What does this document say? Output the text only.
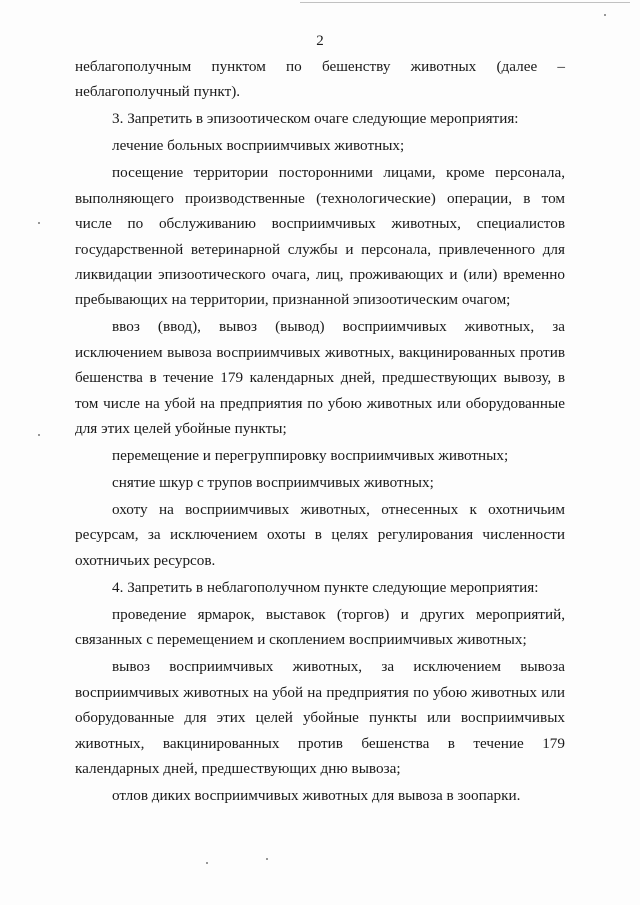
2

неблагополучным пунктом по бешенству животных (далее – неблагополучный пункт).

3. Запретить в эпизоотическом очаге следующие мероприятия:

лечение больных восприимчивых животных;

посещение территории посторонними лицами, кроме персонала, выполняющего производственные (технологические) операции, в том числе по обслуживанию восприимчивых животных, специалистов государственной ветеринарной службы и персонала, привлеченного для ликвидации эпизоотического очага, лиц, проживающих и (или) временно пребывающих на территории, признанной эпизоотическим очагом;

ввоз (ввод), вывоз (вывод) восприимчивых животных, за исключением вывоза восприимчивых животных, вакцинированных против бешенства в течение 179 календарных дней, предшествующих вывозу, в том числе на убой на предприятия по убою животных или оборудованные для этих целей убойные пункты;

перемещение и перегруппировку восприимчивых животных;

снятие шкур с трупов восприимчивых животных;

охоту на восприимчивых животных, отнесенных к охотничьим ресурсам, за исключением охоты в целях регулирования численности охотничьих ресурсов.

4. Запретить в неблагополучном пункте следующие мероприятия:

проведение ярмарок, выставок (торгов) и других мероприятий, связанных с перемещением и скоплением восприимчивых животных;

вывоз восприимчивых животных, за исключением вывоза восприимчивых животных на убой на предприятия по убою животных или оборудованные для этих целей убойные пункты или восприимчивых животных, вакцинированных против бешенства в течение 179 календарных дней, предшествующих дню вывоза;

отлов диких восприимчивых животных для вывоза в зоопарки.
